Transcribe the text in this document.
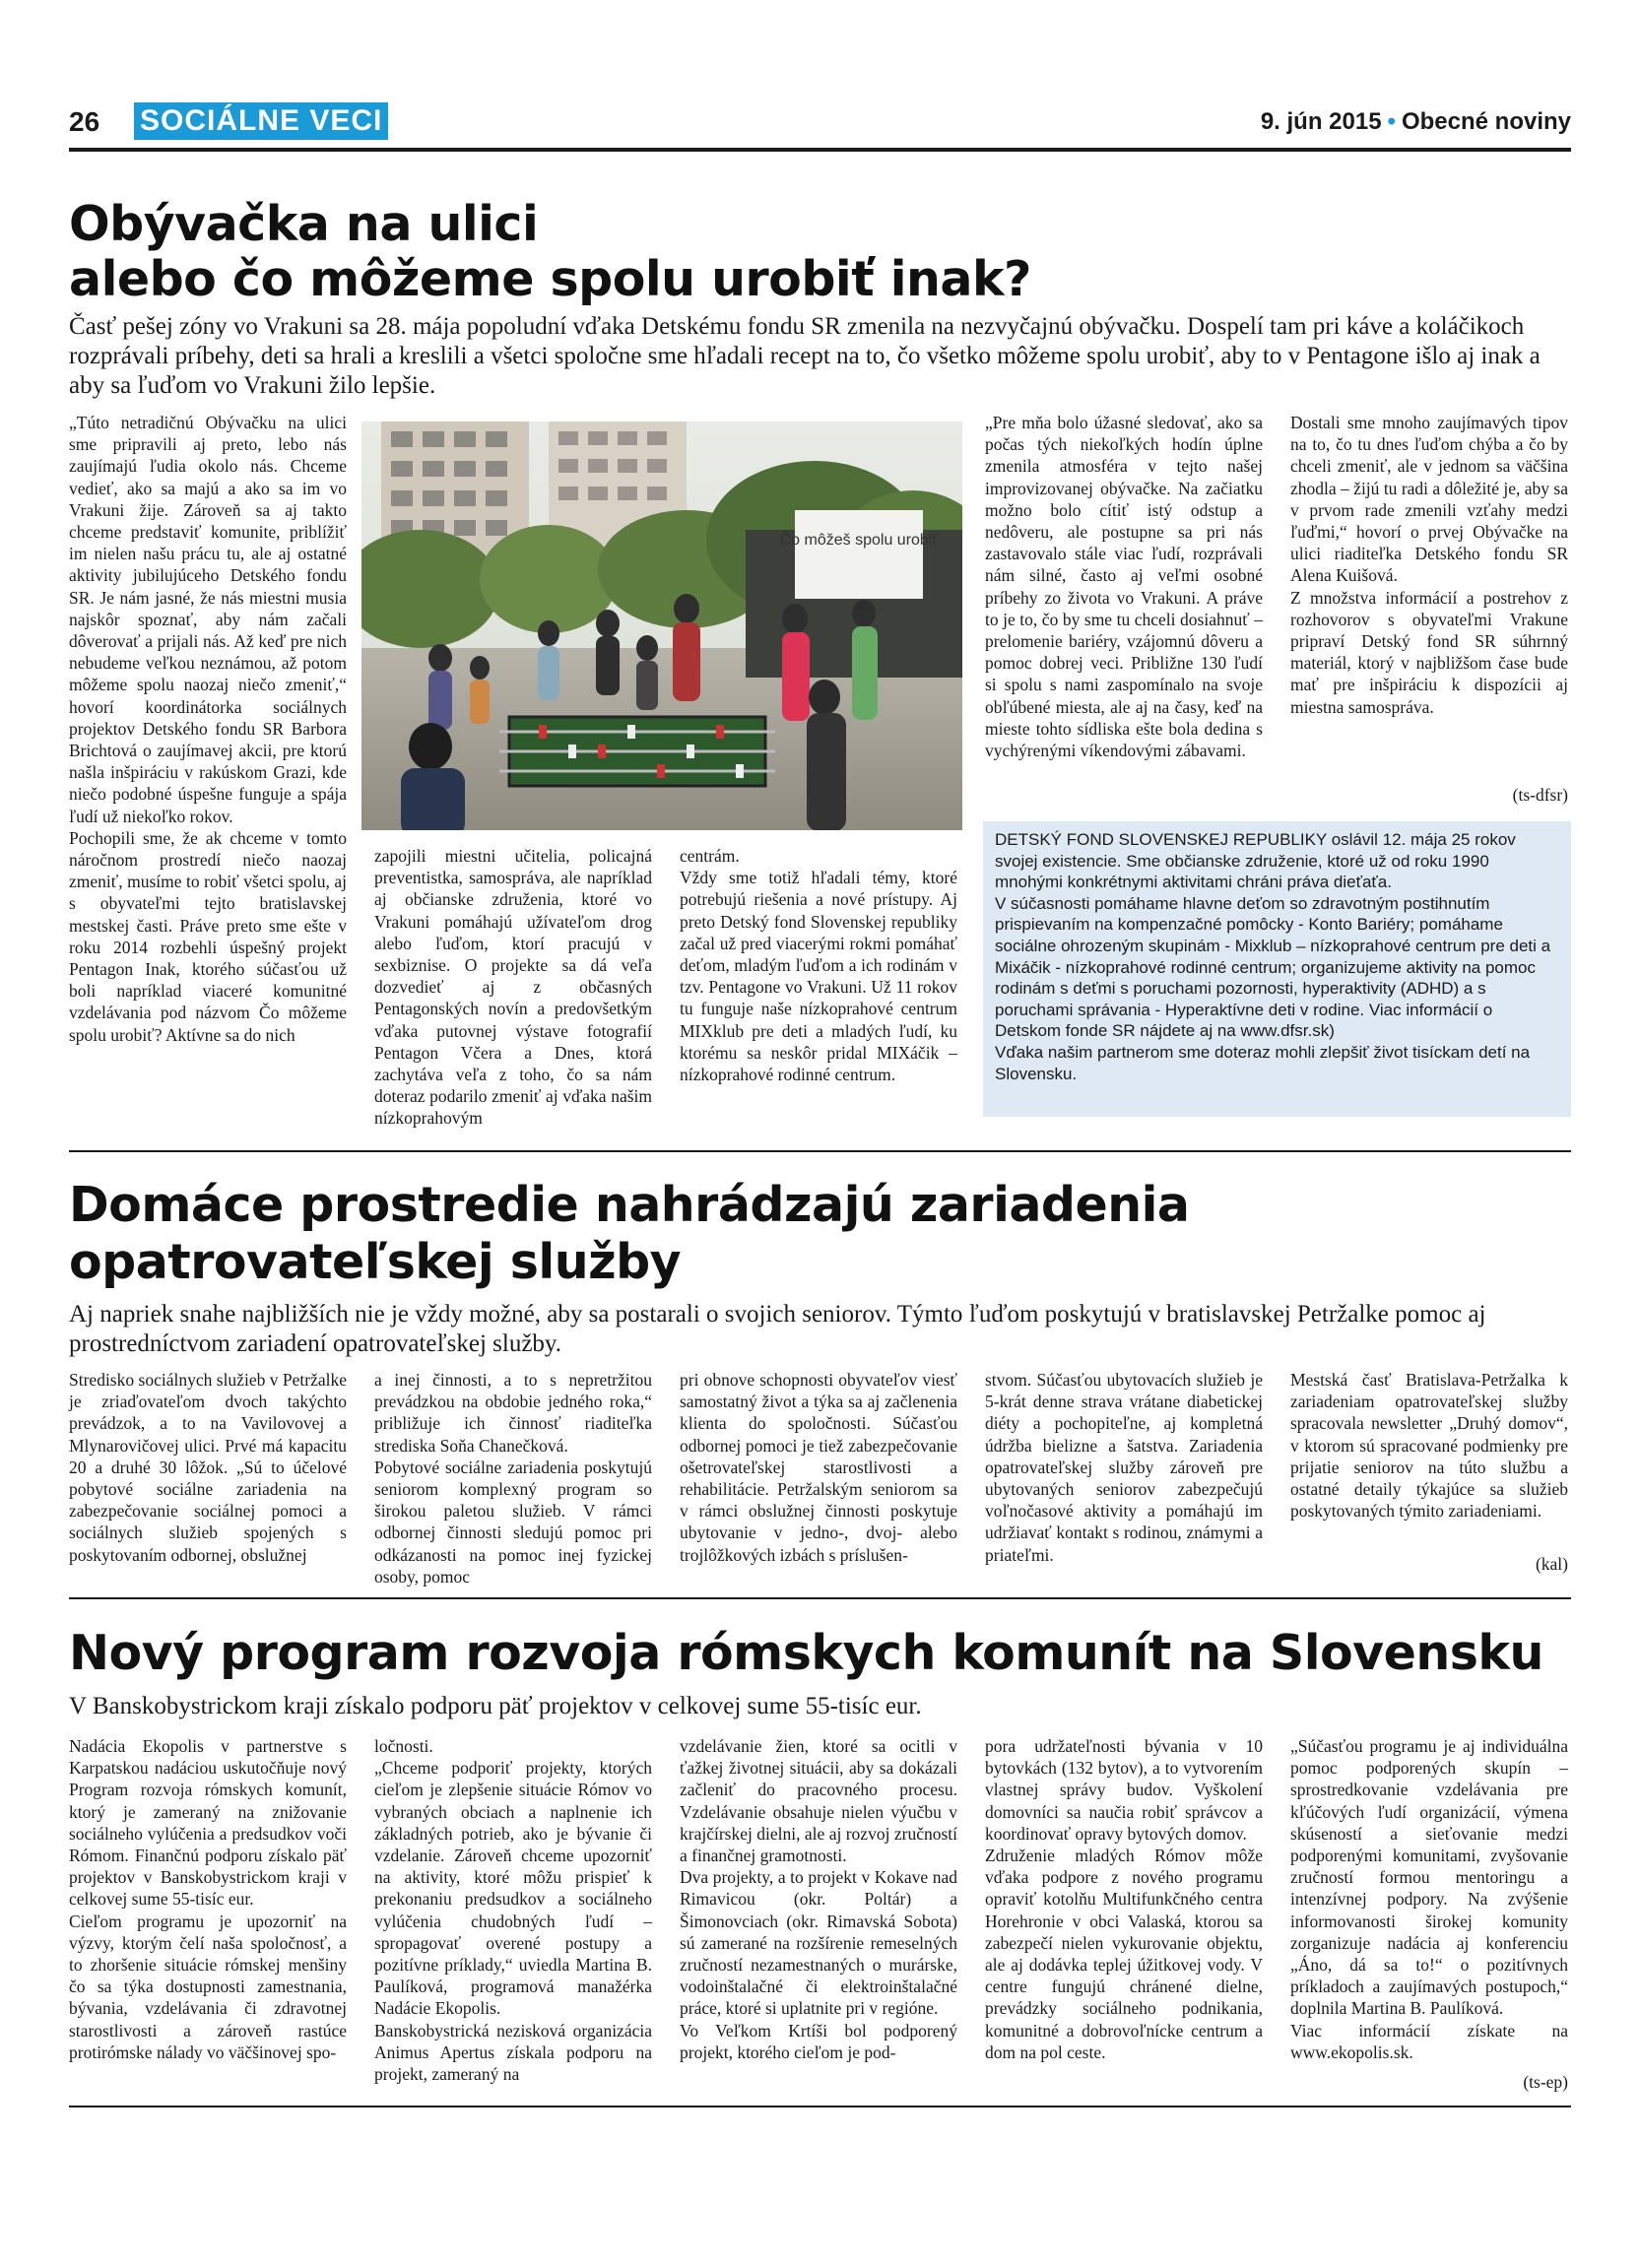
26 SOCIÁLNE VECI	9. jún 2015 • Obecné noviny
Obývačka na ulici
alebo čo môžeme spolu urobiť inak?
Časť pešej zóny vo Vrakuni sa 28. mája popoludní vďaka Detskému fondu SR zmenila na nezvyčajnú obývačku. Dospelí tam pri káve a koláčikoch rozprávali príbehy, deti sa hrali a kreslili a všetci spoločne sme hľadali recept na to, čo všetko môžeme spolu urobiť, aby to v Pentagone išlo aj inak a aby sa ľuďom vo Vrakuni žilo lepšie.
„Túto netradičnú Obývačku na ulici sme pripravili aj preto, lebo nás zaujímajú ľudia okolo nás. Chceme vedieť, ako sa majú a ako sa im vo Vrakuni žije. Zároveň sa aj takto chceme predstaviť komunite, priblížiť im nielen našu prácu tu, ale aj ostatné aktivity jubilujúceho Detského fondu SR. Je nám jasné, že nás miestni musia najskôr spoznať, aby nám začali dôverovať a prijali nás. Až keď pre nich nebudeme veľkou neznámou, až potom môžeme spolu naozaj niečo zmeniť,“ hovorí koordinátorka sociálnych projektov Detského fondu SR Barbora Brichtová o zaujímavej akcii, pre ktorú našla inšpiráciu v rakúskom Grazi, kde niečo podobné úspešne funguje a spája ľudí už niekoľko rokov.
Pochopili sme, že ak chceme v tomto náročnom prostredí niečo naozaj zmeniť, musíme to robiť všetci spolu, aj s obyvateľmi tejto bratislavskej mestskej časti. Práve preto sme ešte v roku 2014 rozbehli úspešný projekt Pentagon Inak, ktorého súčasťou už boli napríklad viaceré komunitné vzdelávania pod názvom Čo môžeme spolu urobiť? Aktívne sa do nich
Čo môžeš spolu urobiť
zapojili miestni učitelia, policajná preventistka, samospráva, ale napríklad aj občianske združenia, ktoré vo Vrakuni pomáhajú užívateľom drog alebo ľuďom, ktorí pracujú v sexbiznise. O projekte sa dá veľa dozvedieť aj z občasných Pentagonských novín a predovšetkým vďaka putovnej výstave fotografií Pentagon Včera a Dnes, ktorá zachytáva veľa z toho, čo sa nám doteraz podarilo zmeniť aj vďaka našim nízkoprahovým
centrám.
Vždy sme totiž hľadali témy, ktoré potrebujú riešenia a nové prístupy. Aj preto Detský fond Slovenskej republiky začal už pred viacerými rokmi pomáhať deťom, mladým ľuďom a ich rodinám v tzv. Pentagone vo Vrakuni. Už 11 rokov tu funguje naše nízkoprahové centrum MIXklub pre deti a mladých ľudí, ku ktorému sa neskôr pridal MIXáčik – nízkoprahové rodinné centrum.
„Pre mňa bolo úžasné sledovať, ako sa počas tých niekoľkých hodín úplne zmenila atmosféra v tejto našej improvizovanej obývačke. Na začiatku možno bolo cítiť istý odstup a nedôveru, ale postupne sa pri nás zastavovalo stále viac ľudí, rozprávali nám silné, často aj veľmi osobné príbehy zo života vo Vrakuni. A práve to je to, čo by sme tu chceli dosiahnuť – prelomenie bariéry, vzájomnú dôveru a pomoc dobrej veci. Približne 130 ľudí si spolu s nami zaspomínalo na svoje obľúbené miesta, ale aj na časy, keď na mieste tohto sídliska ešte bola dedina s vychýrenými víkendovými zábavami.
Dostali sme mnoho zaujímavých tipov na to, čo tu dnes ľuďom chýba a čo by chceli zmeniť, ale v jednom sa väčšina zhodla – žijú tu radi a dôležité je, aby sa v prvom rade zmenili vzťahy medzi ľuďmi,“ hovorí o prvej Obývačke na ulici riaditeľka Detského fondu SR Alena Kuišová.
Z množstva informácií a postrehov z rozhovorov s obyvateľmi Vrakune pripraví Detský fond SR súhrnný materiál, ktorý v najbližšom čase bude mať pre inšpiráciu k dispozícii aj miestna samospráva.
(ts-dfsr)
DETSKÝ FOND SLOVENSKEJ REPUBLIKY oslávil 12. mája 25 rokov svojej existencie. Sme občianske združenie, ktoré už od roku 1990 mnohými konkrétnymi aktivitami chráni práva dieťaťa.
V súčasnosti pomáhame hlavne deťom so zdravotným postihnutím prispievaním na kompenzačné pomôcky - Konto Bariéry; pomáhame sociálne ohrozeným skupinám - Mixklub – nízkoprahové centrum pre deti a Mixáčik - nízkoprahové rodinné centrum; organizujeme aktivity na pomoc rodinám s deťmi s poruchami pozornosti, hyperaktivity (ADHD) a s poruchami správania - Hyperaktívne deti v rodine. Viac informácií o Detskom fonde SR nájdete aj na www.dfsr.sk)
Vďaka našim partnerom sme doteraz mohli zlepšiť život tisíckam detí na Slovensku.
Domáce prostredie nahrádzajú zariadenia
opatrovateľskej služby
Aj napriek snahe najbližších nie je vždy možné, aby sa postarali o svojich seniorov. Týmto ľuďom poskytujú v bratislavskej Petržalke pomoc aj prostredníctvom zariadení opatrovateľskej služby.
Stredisko sociálnych služieb v Petržalke je zriaďovateľom dvoch takýchto prevádzok, a to na Vavilovovej a Mlynarovičovej ulici. Prvé má kapacitu 20 a druhé 30 lôžok. „Sú to účelové pobytové sociálne zariadenia na zabezpečovanie sociálnej pomoci a sociálnych služieb spojených s poskytovaním odbornej, obslužnej
a inej činnosti, a to s nepretržitou prevádzkou na obdobie jedného roka,“ približuje ich činnosť riaditeľka strediska Soňa Chanečková.
Pobytové sociálne zariadenia poskytujú seniorom komplexný program so širokou paletou služieb. V rámci odbornej činnosti sledujú pomoc pri odkázanosti na pomoc inej fyzickej osoby, pomoc
pri obnove schopnosti obyvateľov viesť samostatný život a týka sa aj začlenenia klienta do spoločnosti. Súčasťou odbornej pomoci je tiež zabezpečovanie ošetrovateľskej starostlivosti a rehabilitácie. Petržalským seniorom sa v rámci obslužnej činnosti poskytuje ubytovanie v jedno-, dvoj- alebo trojlôžkových izbách s príslušen-
stvom. Súčasťou ubytovacích služieb je 5-krát denne strava vrátane diabetickej diéty a pochopiteľne, aj kompletná údržba bielizne a šatstva. Zariadenia opatrovateľskej služby zároveň pre ubytovaných seniorov zabezpečujú voľnočasové aktivity a pomáhajú im udržiavať kontakt s rodinou, známymi a priateľmi.
Mestská časť Bratislava-Petržalka k zariadeniam opatrovateľskej služby spracovala newsletter „Druhý domov“, v ktorom sú spracované podmienky pre prijatie seniorov na túto službu a ostatné detaily týkajúce sa služieb poskytovaných týmito zariadeniami.
(kal)
Nový program rozvoja rómskych komunít na Slovensku
V Banskobystrickom kraji získalo podporu päť projektov v celkovej sume 55-tisíc eur.
Nadácia Ekopolis v partnerstve s Karpatskou nadáciou uskutočňuje nový Program rozvoja rómskych komunít, ktorý je zameraný na znižovanie sociálneho vylúčenia a predsudkov voči Rómom. Finančnú podporu získalo päť projektov v Banskobystrickom kraji v celkovej sume 55-tisíc eur.
Cieľom programu je upozorniť na výzvy, ktorým čelí naša spoločnosť, a to zhoršenie situácie rómskej menšiny čo sa týka dostupnosti zamestnania, bývania, vzdelávania či zdravotnej starostlivosti a zároveň rastúce protirómske nálady vo väčšinovej spo-
ločnosti.
„Chceme podporiť projekty, ktorých cieľom je zlepšenie situácie Rómov vo vybraných obciach a naplnenie ich základných potrieb, ako je bývanie či vzdelanie. Zároveň chceme upozorniť na aktivity, ktoré môžu prispieť k prekonaniu predsudkov a sociálneho vylúčenia chudobných ľudí – spropagovať overené postupy a pozitívne príklady,“ uviedla Martina B. Paulíková, programová manažérka Nadácie Ekopolis.
Banskobystrická nezisková organizácia Animus Apertus získala podporu na projekt, zameraný na
vzdelávanie žien, ktoré sa ocitli v ťažkej životnej situácii, aby sa dokázali začleniť do pracovného procesu. Vzdelávanie obsahuje nielen výučbu v krajčírskej dielni, ale aj rozvoj zručností a finančnej gramotnosti.
Dva projekty, a to projekt v Kokave nad Rimavicou (okr. Poltár) a Šimonovciach (okr. Rimavská Sobota) sú zamerané na rozšírenie remeselných zručností nezamestnaných o murárske, vodoinštalačné či elektroinštalačné práce, ktoré si uplatnite pri v regióne.
Vo Veľkom Krtíši bol podporený projekt, ktorého cieľom je pod-
pora udržateľnosti bývania v 10 bytovkách (132 bytov), a to vytvorením vlastnej správy budov. Vyškolení domovníci sa naučia robiť správcov a koordinovať opravy bytových domov.
Združenie mladých Rómov môže vďaka podpore z nového programu opraviť kotolňu Multifunkčného centra Horehronie v obci Valaská, ktorou sa zabezpečí nielen vykurovanie objektu, ale aj dodávka teplej úžitkovej vody. V centre fungujú chránené dielne, prevádzky sociálneho podnikania, komunitné a dobrovoľnícke centrum a dom na pol ceste.
„Súčasťou programu je aj individuálna pomoc podporených skupín – sprostredkovanie vzdelávania pre kľúčových ľudí organizácií, výmena skúseností a sieťovanie medzi podporenými komunitami, zvyšovanie zručností formou mentoringu a intenzívnej podpory. Na zvýšenie informovanosti širokej komunity zorganizuje nadácia aj konferenciu „Áno, dá sa to!“ o pozitívnych príkladoch a zaujímavých postupoch,“ doplnila Martina B. Paulíková.
Viac informácií získate na www.ekopolis.sk.
(ts-ep)
